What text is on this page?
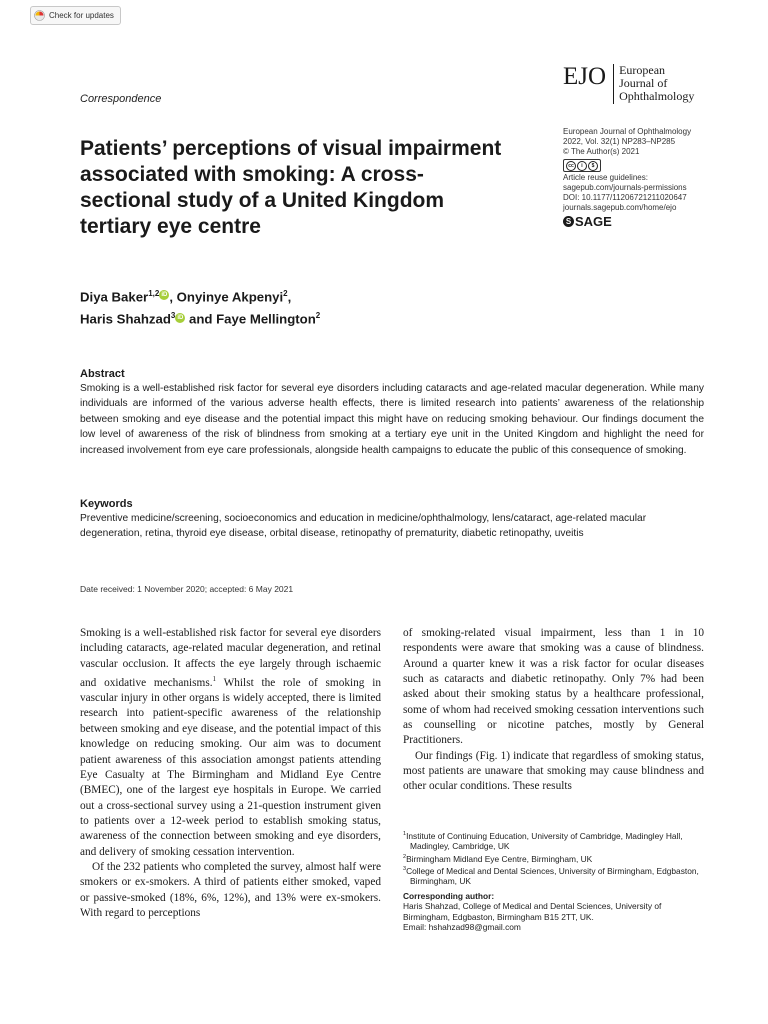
Check for updates
EJO	European
Journal of
Ophthalmology
Correspondence
Patients’ perceptions of visual impairment associated with smoking: A cross-sectional study of a United Kingdom tertiary eye centre
European Journal of Ophthalmology
2022, Vol. 32(1) NP283–NP285
© The Author(s) 2021
cc	i	$
Article reuse guidelines:
sagepub.com/journals-permissions
DOI: 10.1177/11206721211020647
journals.sagepub.com/home/ejo
S SAGE
Diya Baker$^{1,2}$ iD , Onyinye Akpenyi$^2$,
Haris Shahzad$^3$ iD and Faye Mellington$^2$
Abstract
Smoking is a well-established risk factor for several eye disorders including cataracts and age-related macular degeneration. While many individuals are informed of the various adverse health effects, there is limited research into patients’ awareness of the relationship between smoking and eye disease and the potential impact this might have on reducing smoking behaviour. Our findings document the low level of awareness of the risk of blindness from smoking at a tertiary eye unit in the United Kingdom and highlight the need for increased involvement from eye care professionals, alongside health campaigns to educate the public of this consequence of smoking.
Keywords
Preventive medicine/screening, socioeconomics and education in medicine/ophthalmology, lens/cataract, age-related macular degeneration, retina, thyroid eye disease, orbital disease, retinopathy of prematurity, diabetic retinopathy, uveitis
Date received: 1 November 2020; accepted: 6 May 2021

Smoking is a well-established risk factor for several eye disorders including cataracts, age-related macular degeneration, and retinal vascular occlusion. It affects the eye largely through ischaemic and oxidative mechanisms.$^1$ Whilst the role of smoking in vascular injury in other organs is widely accepted, there is limited research into patient-specific awareness of the relationship between smoking and eye disease, and the potential impact of this knowledge on reducing smoking. Our aim was to document patient awareness of this association amongst patients attending Eye Casualty at The Birmingham and Midland Eye Centre (BMEC), one of the largest eye hospitals in Europe. We carried out a cross-sectional survey using a 21-question instrument given to patients over a 12-week period to establish smoking status, awareness of the connection between smoking and eye disorders, and delivery of smoking cessation intervention.

Of the 232 patients who completed the survey, almost half were smokers or ex-smokers. A third of patients either smoked, vaped or passive-smoked (18%, 6%, 12%), and 13% were ex-smokers. With regard to perceptions

of smoking-related visual impairment, less than 1 in 10 respondents were aware that smoking was a cause of blindness. Around a quarter knew it was a risk factor for ocular diseases such as cataracts and diabetic retinopathy. Only 7% had been asked about their smoking status by a healthcare professional, some of whom had received smoking cessation interventions such as counselling or nicotine patches, mostly by General Practitioners.

Our findings (Fig. 1) indicate that regardless of smoking status, most patients are unaware that smoking may cause blindness and other ocular conditions. These results

$^1$Institute of Continuing Education, University of Cambridge, Madingley Hall, Madingley, Cambridge, UK
$^2$Birmingham Midland Eye Centre, Birmingham, UK
$^3$College of Medical and Dental Sciences, University of Birmingham, Edgbaston, Birmingham, UK
Corresponding author:
Haris Shahzad, College of Medical and Dental Sciences, University of Birmingham, Edgbaston, Birmingham B15 2TT, UK.
Email: hshahzad98@gmail.com
